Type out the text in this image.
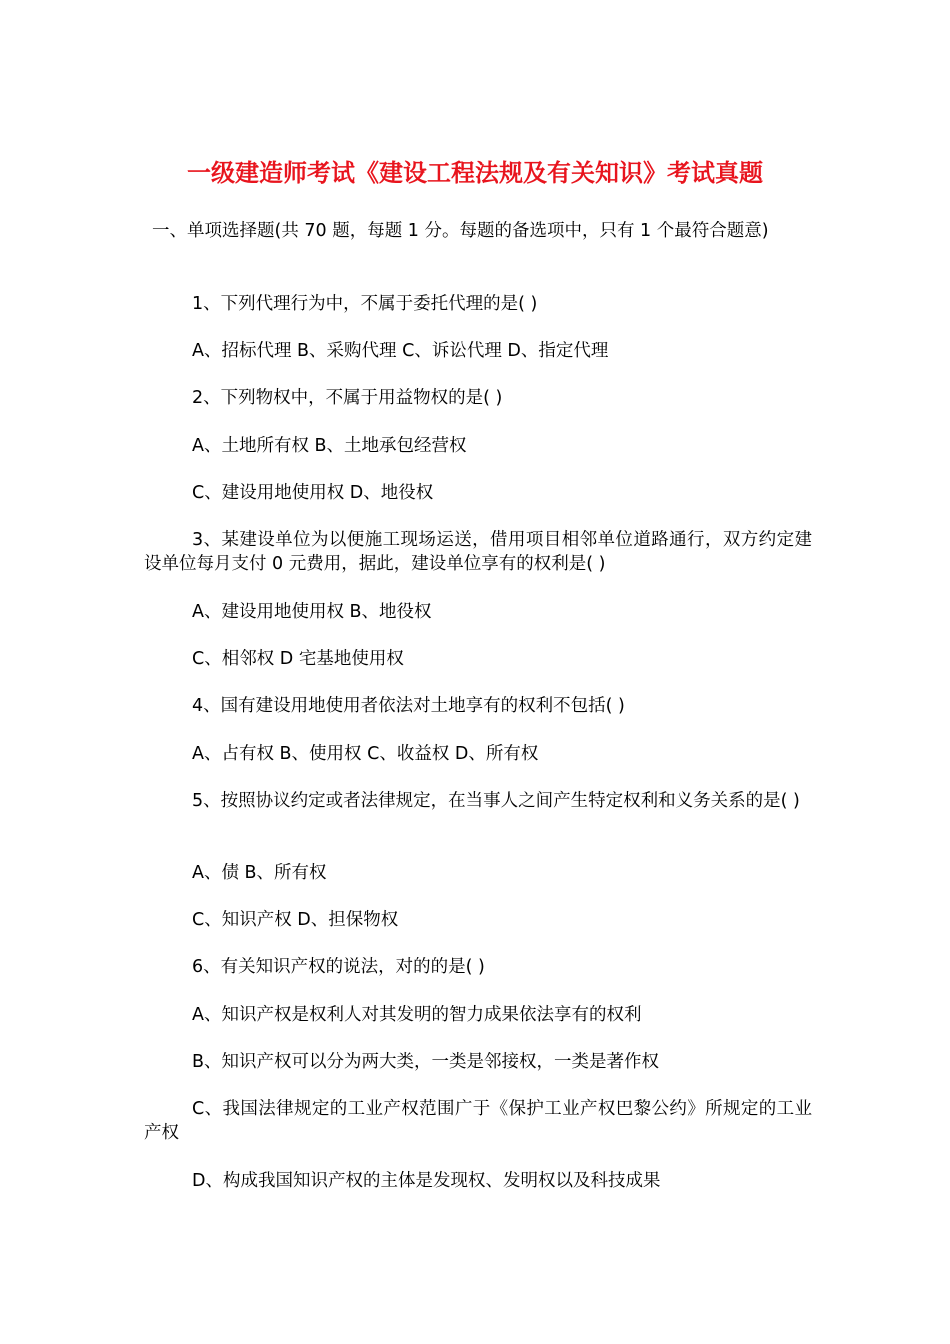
一级建造师考试《建设工程法规及有关知识》考试真题

一、单项选择题(共 70 题，每题 1 分。每题的备选项中，只有 1 个最符合题意)

1、下列代理行为中，不属于委托代理的是( )

A、招标代理 B、采购代理 C、诉讼代理 D、指定代理

2、下列物权中，不属于用益物权的是( )

A、土地所有权 B、土地承包经营权

C、建设用地使用权 D、地役权

3、某建设单位为以便施工现场运送，借用项目相邻单位道路通行，双方约定建设单位每月支付 0 元费用，据此，建设单位享有的权利是( )

A、建设用地使用权 B、地役权

C、相邻权 D 宅基地使用权

4、国有建设用地使用者依法对土地享有的权利不包括( )

A、占有权 B、使用权 C、收益权 D、所有权

5、按照协议约定或者法律规定，在当事人之间产生特定权利和义务关系的是( )

A、债 B、所有权

C、知识产权 D、担保物权

6、有关知识产权的说法，对的的是( )

A、知识产权是权利人对其发明的智力成果依法享有的权利

B、知识产权可以分为两大类，一类是邻接权，一类是著作权

C、我国法律规定的工业产权范围广于《保护工业产权巴黎公约》所规定的工业产权

D、构成我国知识产权的主体是发现权、发明权以及科技成果
